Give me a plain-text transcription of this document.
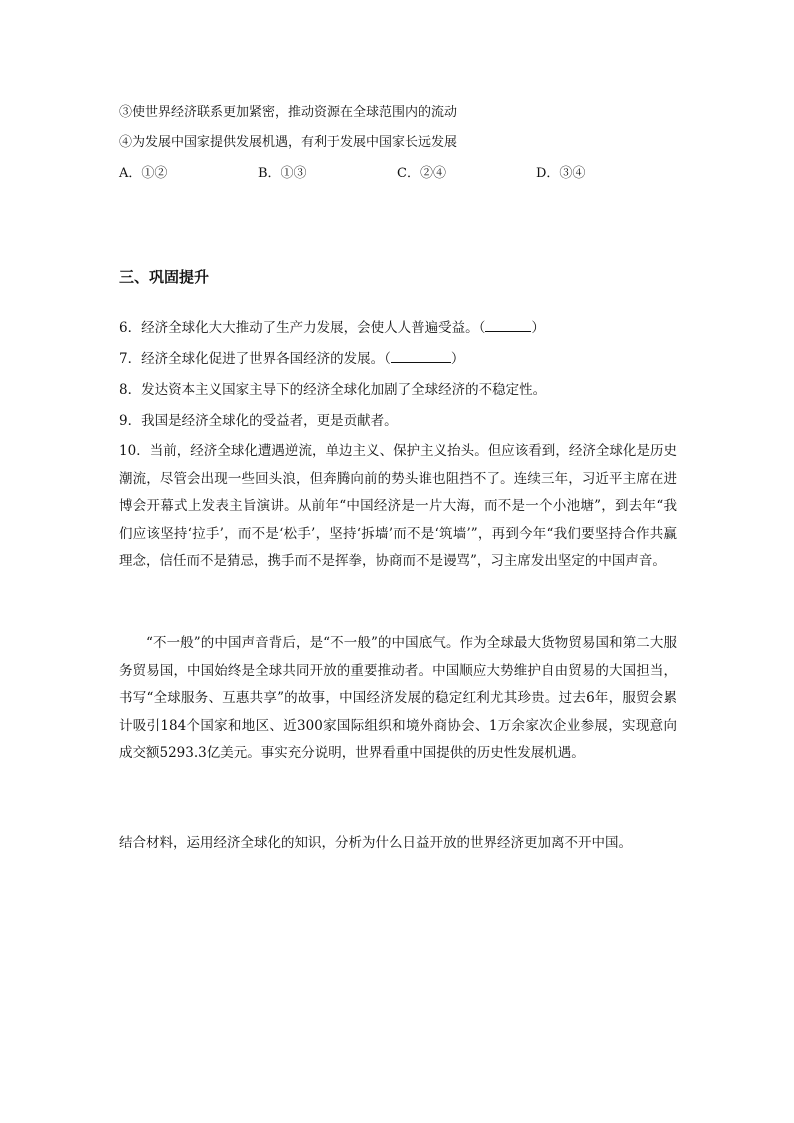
③使世界经济联系更加紧密，推动资源在全球范围内的流动
④为发展中国家提供发展机遇，有利于发展中国家长远发展
A．①②	B．①③	C．②④	D．③④
三、巩固提升
6．经济全球化大大推动了生产力发展，会使人人普遍受益。（	）
7．经济全球化促进了世界各国经济的发展。（	）
8．发达资本主义国家主导下的经济全球化加剧了全球经济的不稳定性。
9．我国是经济全球化的受益者，更是贡献者。
10．当前，经济全球化遭遇逆流，单边主义、保护主义抬头。但应该看到，经济全球化是历史潮流，尽管会出现一些回头浪，但奔腾向前的势头谁也阻挡不了。连续三年，习近平主席在进博会开幕式上发表主旨演讲。从前年“中国经济是一片大海，而不是一个小池塘”，到去年“我们应该坚持‘拉手’，而不是‘松手’，坚持‘拆墙’而不是‘筑墙’”，再到今年“我们要坚持合作共赢理念，信任而不是猜忌，携手而不是挥拳，协商而不是谩骂”，习主席发出坚定的中国声音。
“不一般”的中国声音背后，是“不一般”的中国底气。作为全球最大货物贸易国和第二大服务贸易国，中国始终是全球共同开放的重要推动者。中国顺应大势维护自由贸易的大国担当，书写“全球服务、互惠共享”的故事，中国经济发展的稳定红利尤其珍贵。过去6年，服贸会累计吸引184个国家和地区、近300家国际组织和境外商协会、1万余家次企业参展，实现意向成交额5293.3亿美元。事实充分说明，世界看重中国提供的历史性发展机遇。
结合材料，运用经济全球化的知识，分析为什么日益开放的世界经济更加离不开中国。
